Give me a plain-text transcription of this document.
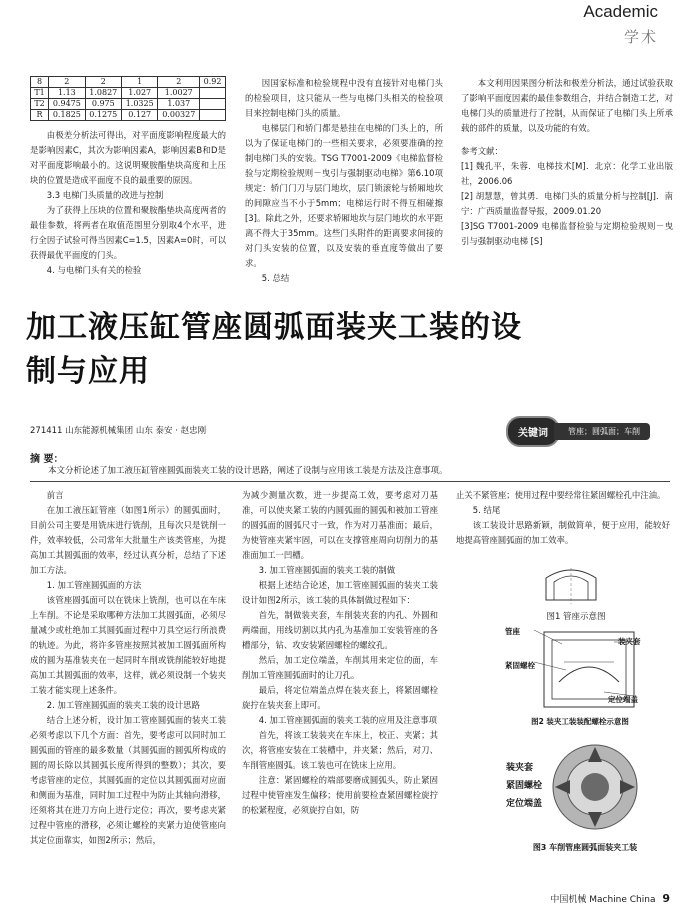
Academic
学术
8	2	2	1	2	0.92
T1	1.13	1.0827	1.027	1.0027	
T2	0.9475	0.975	1.0325	1.037	
R	0.1825	0.1275	0.127	0.00327	

由极差分析法可得出，对平面度影响程度最大的是影响因素C，其次为影响因素A，影响因素B和D是对平面度影响最小的。这说明聚胺酯垫块高度和上压块的位置是造成平面度不良的最重要的原因。

3.3 电梯门头质量的改进与控制

为了获得上压块的位置和聚胺酯垫块高度两者的最佳参数，将两者在取值范围里分别取4个水平，进行全因子试验可得当因素C=1.5，因素A=0时，可以获得最优平面度的门头。

4. 与电梯门头有关的检验

因国家标准和检验规程中没有直接针对电梯门头的检验项目，这只能从一些与电梯门头相关的检验项目来控制电梯门头的质量。

电梯层门和轿门都是悬挂在电梯的门头上的，所以为了保证电梯门的一些相关要求，必须要准确的控制电梯门头的安装。TSG T7001-2009《电梯监督检验与定期检验规则－曳引与强制驱动电梯》第6.10项规定：轿门门刀与层门地坎，层门锁滚轮与轿厢地坎的间隙应当不小于5mm；电梯运行时不得互相碰擦[3]。除此之外，还要求轿厢地坎与层门地坎的水平距离不得大于35mm。这些门头附件的距离要求间接的对门头安装的位置，以及安装的垂直度等做出了要求。

5. 总结

本文利用因果图分析法和极差分析法，通过试验获取了影响平面度因素的最佳参数组合，并结合制造工艺，对电梯门头的质量进行了控制，从而保证了电梯门头上所承载的部件的质量，以及功能的有效。

参考文献：

[1] 魏孔平，朱蓉．电梯技术[M]．北京：化学工业出版社，2006.06

[2] 胡慧慧，曾其勇．电梯门头的质量分析与控制[J]．南宁：广西质量监督导报，2009.01.20

[3]SG T7001-2009 电梯监督检验与定期检验规则－曳引与强制驱动电梯 [S]

加工液压缸管座圆弧面装夹工装的设
制与应用
271411 山东能源机械集团 山东 泰安 · 赵忠刚	关键词	管座；圆弧面；车削
摘 要：
本文分析论述了加工液压缸管座圆弧面装夹工装的设计思路，阐述了设制与应用该工装是方法及注意事项。

前言

在加工液压缸管座（如图1所示）的圆弧面时，目前公司主要是用铣床进行铣削，且每次只是铣削一件，效率较低，公司常年大批量生产该类管座，为提高加工其圆弧面的效率，经过认真分析，总结了下述加工方法。

1. 加工管座圆弧面的方法

该管座圆弧面可以在铣床上铣削，也可以在车床上车削。不论是采取哪种方法加工其圆弧面，必须尽量减少或杜绝加工其圆弧面过程中刀具空运行所浪费的轨迹。为此，将许多管座按照其被加工圆弧面所构成的圆为基准装夹在一起同时车削或铣削能较好地提高加工其圆弧面的效率，这样，就必须设制一个装夹工装才能实现上述条件。

2. 加工管座圆弧面的装夹工装的设计思路

结合上述分析，设计加工管座圆弧面的装夹工装必须考虑以下几个方面：首先，要考虑可以同时加工圆弧面的管座的最多数量（其圆弧面的圆弧所构成的圆的周长除以其圆弧长度所得到的整数）；其次，要考虑管座的定位，其圆弧面的定位以其圆弧面对应面和侧面为基准，同时加工过程中为防止其轴向滑移，还须将其在进刀方向上进行定位；再次，要考虑夹紧过程中管座的滑移，必须让螺栓的夹紧力迫使管座向其定位面靠实，如图2所示；然后，

为减少测量次数，进一步提高工效，要考虑对刀基准，可以使夹紧工装的内圆弧面的圆弧和被加工管座的圆弧面的圆弧尺寸一致，作为对刀基准面；最后，为使管座夹紧牢固，可以在支撑管座周向切削力的基准面加工一凹槽。

3. 加工管座圆弧面的装夹工装的制做

根据上述结合论述，加工管座圆弧面的装夹工装设计如图2所示，该工装的具体制做过程如下：

首先，制做装夹套，车削装夹套的内孔、外圆和两端面，用线切割以其内孔为基准加工安装管座的各槽部分，钻、攻安装紧固螺栓的螺纹孔。

然后，加工定位端盖，车削其用来定位的面，车削加工管座圆弧面时的让刀孔。

最后，将定位端盖点焊在装夹套上，将紧固螺栓旋拧在装夹套上即可。

4. 加工管座圆弧面的装夹工装的应用及注意事项

首先，将该工装装夹在车床上，校正、夹紧；其次，将管座安装在工装槽中，并夹紧；然后，对刀、车削管座圆弧。该工装也可在铣床上应用。

注意：紧固螺栓的端部要磨成圆弧头，防止紧固过程中使管座发生偏移；使用前要检查紧固螺栓旋拧的松紧程度，必须旋拧自如，防

止关不紧管座；使用过程中要经常往紧固螺栓孔中注油。

5. 结尾

该工装设计思路新颖，制做简单，便于应用，能较好地提高管座圆弧面的加工效率。

图1 管座示意图
管座
装夹套
紧固螺栓
定位端盖
图2 装夹工装装配螺栓示意图
装夹套
紧固螺栓
定位端盖
图3 车削管座圆弧面装夹工装
中国机械 Machine China 9
